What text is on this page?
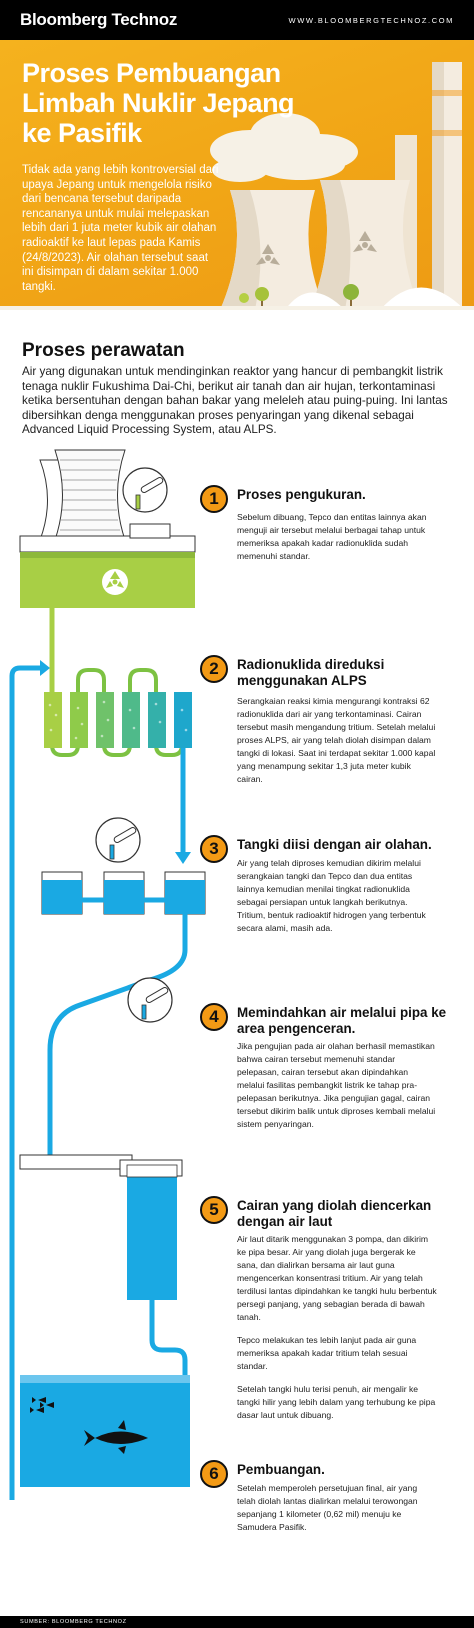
Bloomberg Technoz	WWW.BLOOMBERGTECHNOZ.COM
Proses Pembuangan Limbah Nuklir Jepang ke Pasifik
Tidak ada yang lebih kontroversial dari upaya Jepang untuk mengelola risiko dari bencana tersebut daripada rencananya untuk mulai melepaskan lebih dari 1 juta meter kubik air olahan radioaktif ke laut lepas pada Kamis (24/8/2023). Air olahan tersebut saat ini disimpan di dalam sekitar 1.000 tangki.
Proses perawatan
Air yang digunakan untuk mendinginkan reaktor yang hancur di pembangkit listrik tenaga nuklir Fukushima Dai-Chi, berikut air tanah dan air hujan, terkontaminasi ketika bersentuhan dengan bahan bakar yang meleleh atau puing-puing. Ini lantas dibersihkan denga menggunakan proses penyaringan yang dikenal sebagai Advanced Liquid Processing System, atau ALPS.
1	Proses pengukuran.

Sebelum dibuang, Tepco dan entitas lainnya akan menguji air tersebut melalui berbagai tahap untuk memeriksa apakah kadar radionuklida sudah memenuhi standar.

2	Radionuklida direduksi menggunakan ALPS

Serangkaian reaksi kimia mengurangi kontraksi 62 radionuklida dari air yang terkontaminasi. Cairan tersebut masih mengandung tritium. Setelah melalui proses ALPS, air yang telah diolah disimpan dalam tangki di lokasi. Saat ini terdapat sekitar 1.000 kapal yang menampung sekitar 1,3 juta meter kubik cairan.

3	Tangki diisi dengan air olahan.

Air yang telah diproses kemudian dikirim melalui serangkaian tangki dan Tepco dan dua entitas lainnya kemudian menilai tingkat radionuklida sebagai persiapan untuk langkah berikutnya. Tritium, bentuk radioaktif hidrogen yang terbentuk secara alami, masih ada.

4	Memindahkan air melalui pipa ke area pengenceran.

Jika pengujian pada air olahan berhasil memastikan bahwa cairan tersebut memenuhi standar pelepasan, cairan tersebut akan dipindahkan melalui fasilitas pembangkit listrik ke tahap pra-pelepasan berikutnya. Jika pengujian gagal, cairan tersebut dikirim balik untuk diproses kembali melalui sistem penyaringan.

5	Cairan yang diolah diencerkan dengan air laut

Air laut ditarik menggunakan 3 pompa, dan dikirim ke pipa besar. Air yang diolah juga bergerak ke sana, dan dialirkan bersama air laut guna mengencerkan konsentrasi tritium. Air yang telah terdilusi lantas dipindahkan ke tangki hulu berbentuk persegi panjang, yang sebagian berada di bawah tanah.

Tepco melakukan tes lebih lanjut pada air guna memeriksa apakah kadar tritium telah sesuai standar.

Setelah tangki hulu terisi penuh, air mengalir ke tangki hilir yang lebih dalam yang terhubung ke pipa dasar laut untuk dibuang.

6	Pembuangan.

Setelah memperoleh persetujuan final, air yang telah diolah lantas dialirkan melalui terowongan sepanjang 1 kilometer (0,62 mil) menuju ke Samudera Pasifik.

SUMBER: BLOOMBERG TECHNOZ
